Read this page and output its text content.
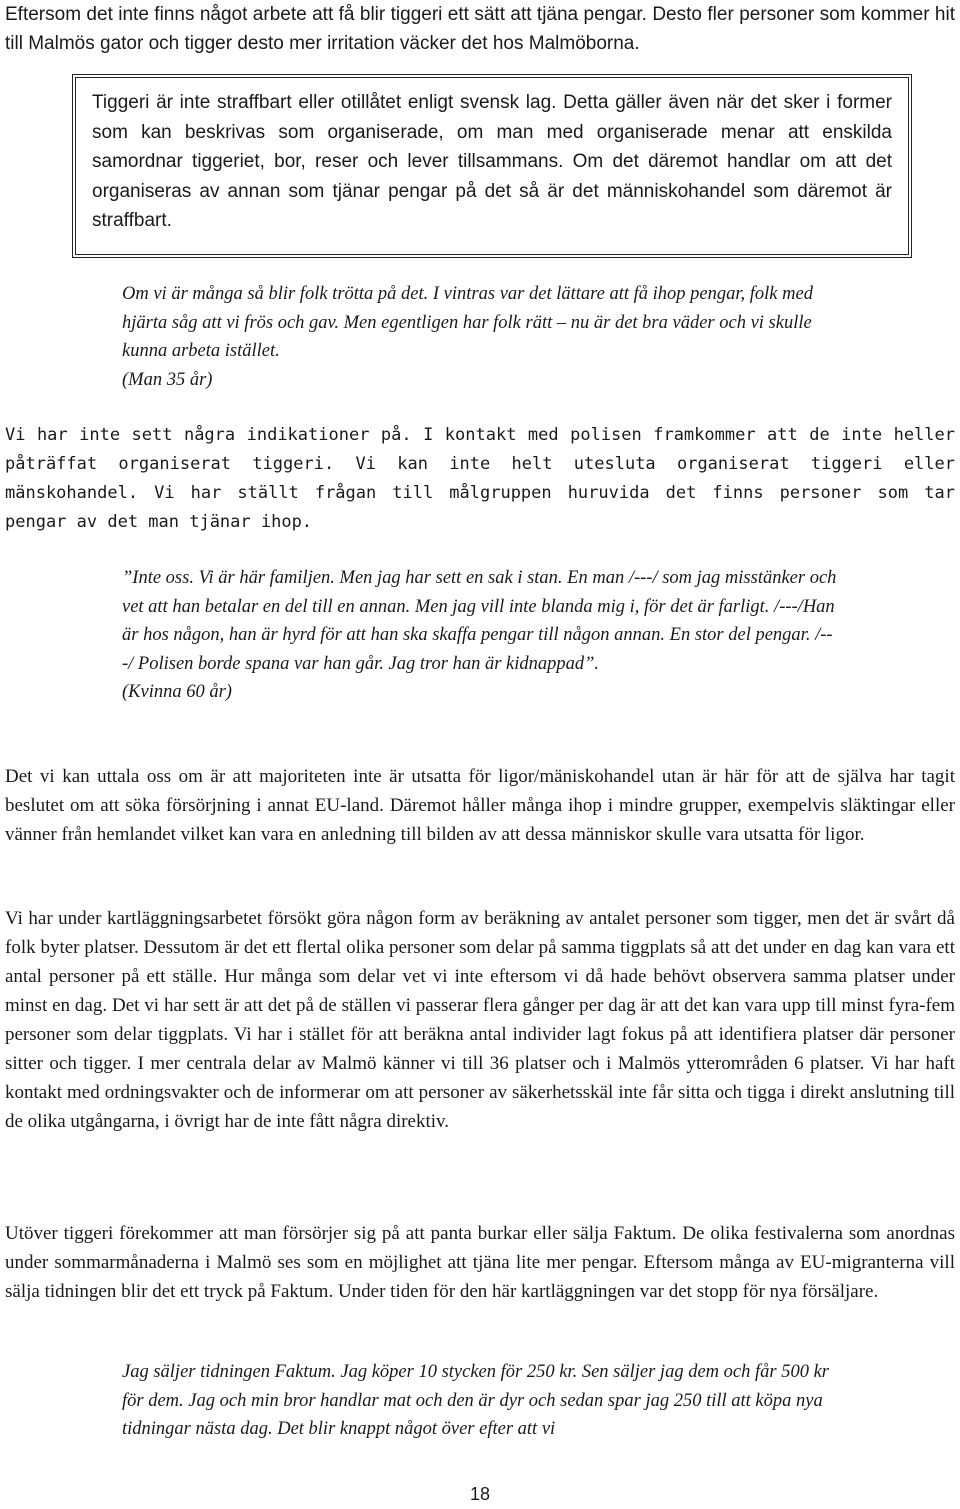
Eftersom det inte finns något arbete att få blir tiggeri ett sätt att tjäna pengar. Desto fler personer som kommer hit till Malmös gator och tigger desto mer irritation väcker det hos Malmöborna.

Tiggeri är inte straffbart eller otillåtet enligt svensk lag. Detta gäller även när det sker i former som kan beskrivas som organiserade, om man med organiserade menar att enskilda samordnar tiggeriet, bor, reser och lever tillsammans. Om det däremot handlar om att det organiseras av annan som tjänar pengar på det så är det människohandel som däremot är straffbart.

Om vi är många så blir folk trötta på det. I vintras var det lättare att få ihop pengar, folk med hjärta såg att vi frös och gav. Men egentligen har folk rätt – nu är det bra väder och vi skulle kunna arbeta istället.
(Man 35 år)

Vi har inte sett några indikationer på. I kontakt med polisen framkommer att de inte heller påträffat organiserat tiggeri. Vi kan inte helt utesluta organiserat tiggeri eller mänskohandel. Vi har ställt frågan till målgruppen huruvida det finns personer som tar pengar av det man tjänar ihop.

”Inte oss. Vi är här familjen. Men jag har sett en sak i stan. En man /---/ som jag misstänker och vet att han betalar en del till en annan. Men jag vill inte blanda mig i, för det är farligt. /---/Han är hos någon, han är hyrd för att han ska skaffa pengar till någon annan. En stor del pengar. /---/ Polisen borde spana var han går. Jag tror han är kidnappad”.
(Kvinna 60 år)

Det vi kan uttala oss om är att majoriteten inte är utsatta för ligor/mäniskohandel utan är här för att de själva har tagit beslutet om att söka försörjning i annat EU-land. Däremot håller många ihop i mindre grupper, exempelvis släktingar eller vänner från hemlandet vilket kan vara en anledning till bilden av att dessa människor skulle vara utsatta för ligor.

Vi har under kartläggningsarbetet försökt göra någon form av beräkning av antalet personer som tigger, men det är svårt då folk byter platser. Dessutom är det ett flertal olika personer som delar på samma tiggplats så att det under en dag kan vara ett antal personer på ett ställe. Hur många som delar vet vi inte eftersom vi då hade behövt observera samma platser under minst en dag. Det vi har sett är att det på de ställen vi passerar flera gånger per dag är att det kan vara upp till minst fyra-fem personer som delar tiggplats. Vi har i stället för att beräkna antal individer lagt fokus på att identifiera platser där personer sitter och tigger. I mer centrala delar av Malmö känner vi till 36 platser och i Malmös ytterområden 6 platser. Vi har haft kontakt med ordningsvakter och de informerar om att personer av säkerhetsskäl inte får sitta och tigga i direkt anslutning till de olika utgångarna, i övrigt har de inte fått några direktiv.

Utöver tiggeri förekommer att man försörjer sig på att panta burkar eller sälja Faktum. De olika festivalerna som anordnas under sommarmånaderna i Malmö ses som en möjlighet att tjäna lite mer pengar. Eftersom många av EU-migranterna vill sälja tidningen blir det ett tryck på Faktum. Under tiden för den här kartläggningen var det stopp för nya försäljare.

Jag säljer tidningen Faktum. Jag köper 10 stycken för 250 kr. Sen säljer jag dem och får 500 kr för dem. Jag och min bror handlar mat och den är dyr och sedan spar jag 250 till att köpa nya tidningar nästa dag. Det blir knappt något över efter att vi

18
